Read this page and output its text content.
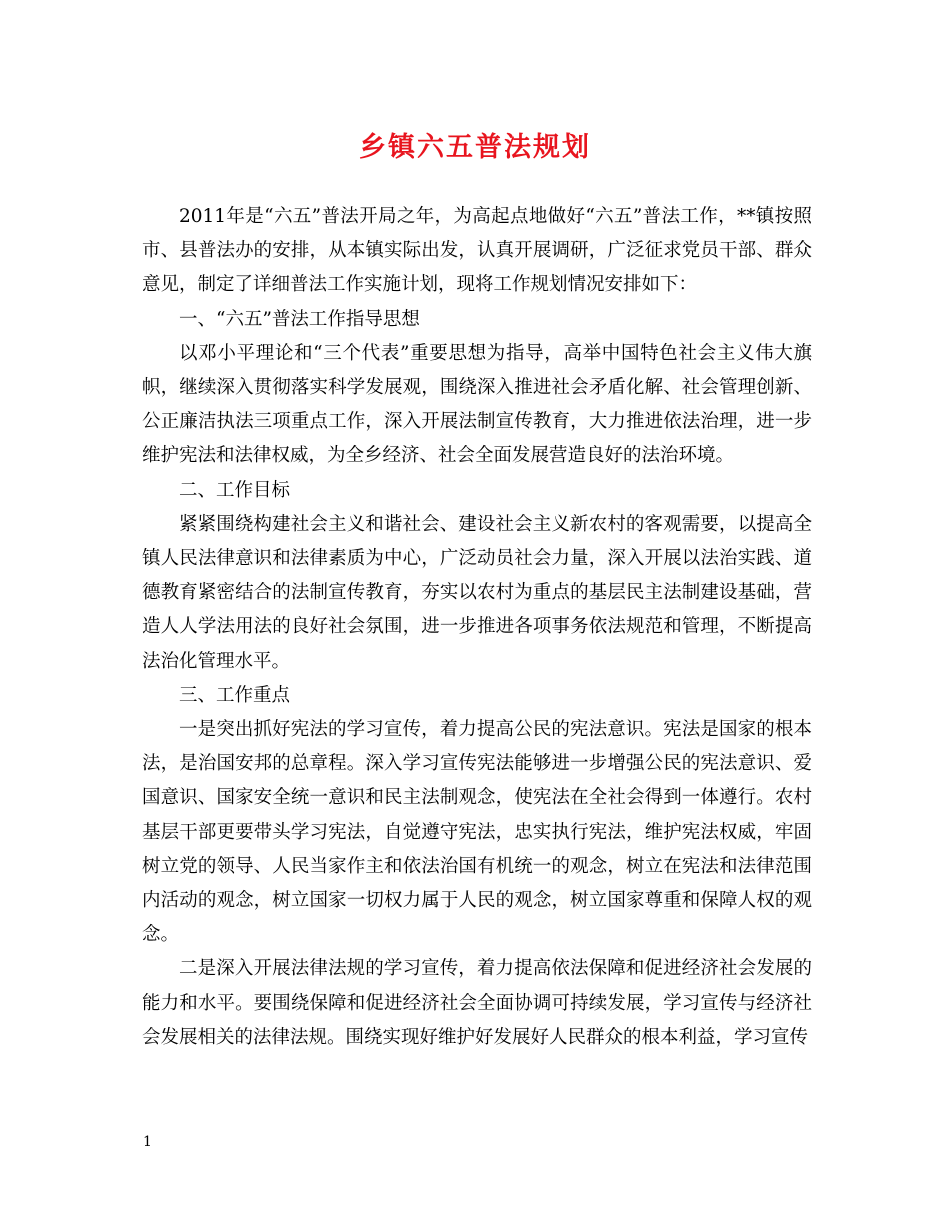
乡镇六五普法规划

2011年是“六五”普法开局之年，为高起点地做好“六五”普法工作，**镇按照市、县普法办的安排，从本镇实际出发，认真开展调研，广泛征求党员干部、群众意见，制定了详细普法工作实施计划，现将工作规划情况安排如下：

一、“六五”普法工作指导思想

以邓小平理论和“三个代表”重要思想为指导，高举中国特色社会主义伟大旗帜，继续深入贯彻落实科学发展观，围绕深入推进社会矛盾化解、社会管理创新、公正廉洁执法三项重点工作，深入开展法制宣传教育，大力推进依法治理，进一步维护宪法和法律权威，为全乡经济、社会全面发展营造良好的法治环境。

二、工作目标

紧紧围绕构建社会主义和谐社会、建设社会主义新农村的客观需要，以提高全镇人民法律意识和法律素质为中心，广泛动员社会力量，深入开展以法治实践、道德教育紧密结合的法制宣传教育，夯实以农村为重点的基层民主法制建设基础，营造人人学法用法的良好社会氛围，进一步推进各项事务依法规范和管理，不断提高法治化管理水平。

三、工作重点

一是突出抓好宪法的学习宣传，着力提高公民的宪法意识。宪法是国家的根本法，是治国安邦的总章程。深入学习宣传宪法能够进一步增强公民的宪法意识、爱国意识、国家安全统一意识和民主法制观念，使宪法在全社会得到一体遵行。农村基层干部更要带头学习宪法，自觉遵守宪法，忠实执行宪法，维护宪法权威，牢固树立党的领导、人民当家作主和依法治国有机统一的观念，树立在宪法和法律范围内活动的观念，树立国家一切权力属于人民的观念，树立国家尊重和保障人权的观念。

二是深入开展法律法规的学习宣传，着力提高依法保障和促进经济社会发展的能力和水平。要围绕保障和促进经济社会全面协调可持续发展，学习宣传与经济社会发展相关的法律法规。围绕实现好维护好发展好人民群众的根本利益，学习宣传

1
